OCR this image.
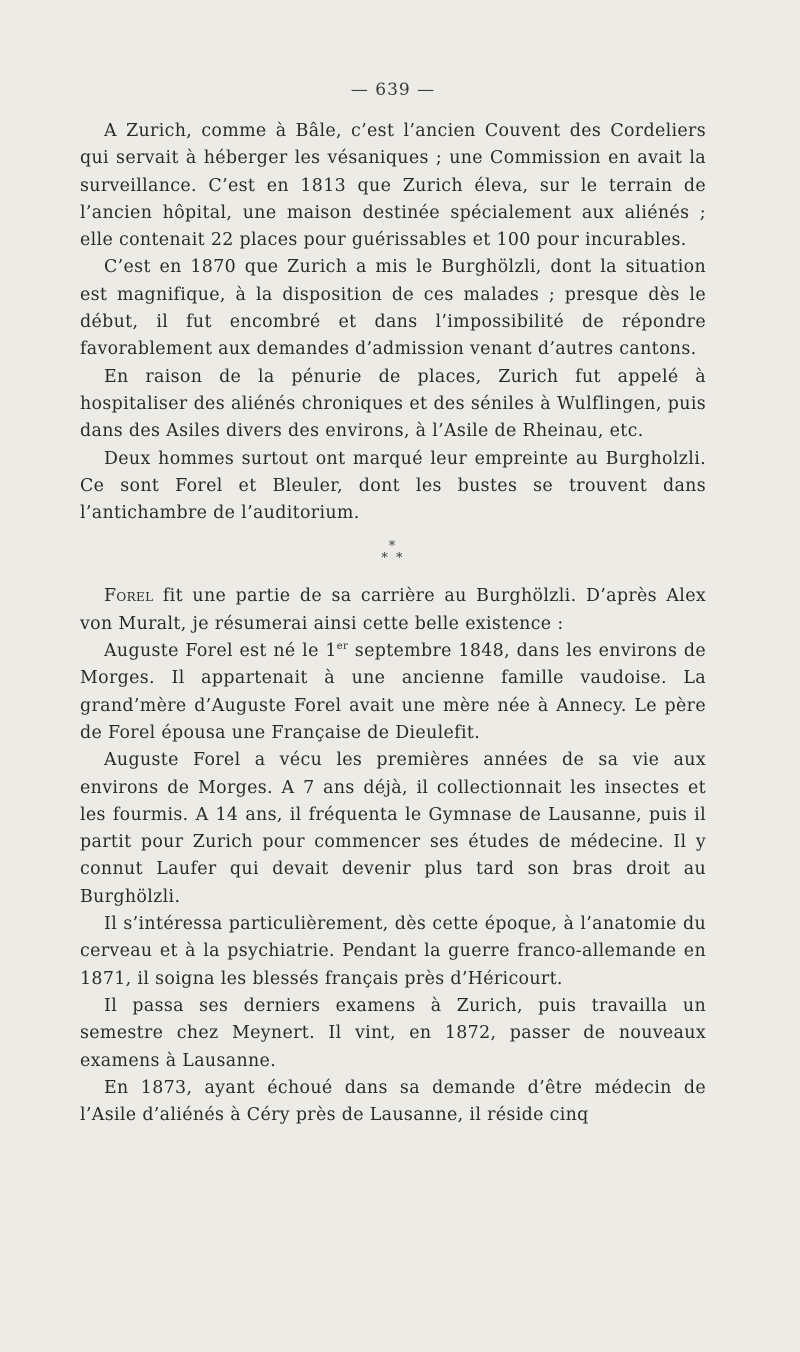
— 639 —

A Zurich, comme à Bâle, c’est l’ancien Couvent des Cordeliers qui servait à héberger les vésaniques ; une Commission en avait la surveillance. C’est en 1813 que Zurich éleva, sur le terrain de l’ancien hôpital, une maison destinée spécialement aux aliénés ; elle contenait 22 places pour guérissables et 100 pour incurables.

C’est en 1870 que Zurich a mis le Burghölzli, dont la situation est magnifique, à la disposition de ces malades ; presque dès le début, il fut encombré et dans l’impossibilité de répondre favorablement aux demandes d’admission venant d’autres cantons.

En raison de la pénurie de places, Zurich fut appelé à hospitaliser des aliénés chroniques et des séniles à Wulflingen, puis dans des Asiles divers des environs, à l’Asile de Rheinau, etc.

Deux hommes surtout ont marqué leur empreinte au Burgholzli. Ce sont Forel et Bleuler, dont les bustes se trouvent dans l’antichambre de l’auditorium.

*
* *

Forel fit une partie de sa carrière au Burghölzli. D’après Alex von Muralt, je résumerai ainsi cette belle existence :

Auguste Forel est né le 1er septembre 1848, dans les environs de Morges. Il appartenait à une ancienne famille vaudoise. La grand’mère d’Auguste Forel avait une mère née à Annecy. Le père de Forel épousa une Française de Dieulefit.

Auguste Forel a vécu les premières années de sa vie aux environs de Morges. A 7 ans déjà, il collectionnait les insectes et les fourmis. A 14 ans, il fréquenta le Gymnase de Lausanne, puis il partit pour Zurich pour commencer ses études de médecine. Il y connut Laufer qui devait devenir plus tard son bras droit au Burghölzli.

Il s’intéressa particulièrement, dès cette époque, à l’anatomie du cerveau et à la psychiatrie. Pendant la guerre franco-allemande en 1871, il soigna les blessés français près d’Héricourt.

Il passa ses derniers examens à Zurich, puis travailla un semestre chez Meynert. Il vint, en 1872, passer de nouveaux examens à Lausanne.

En 1873, ayant échoué dans sa demande d’être médecin de l’Asile d’aliénés à Céry près de Lausanne, il réside cinq
